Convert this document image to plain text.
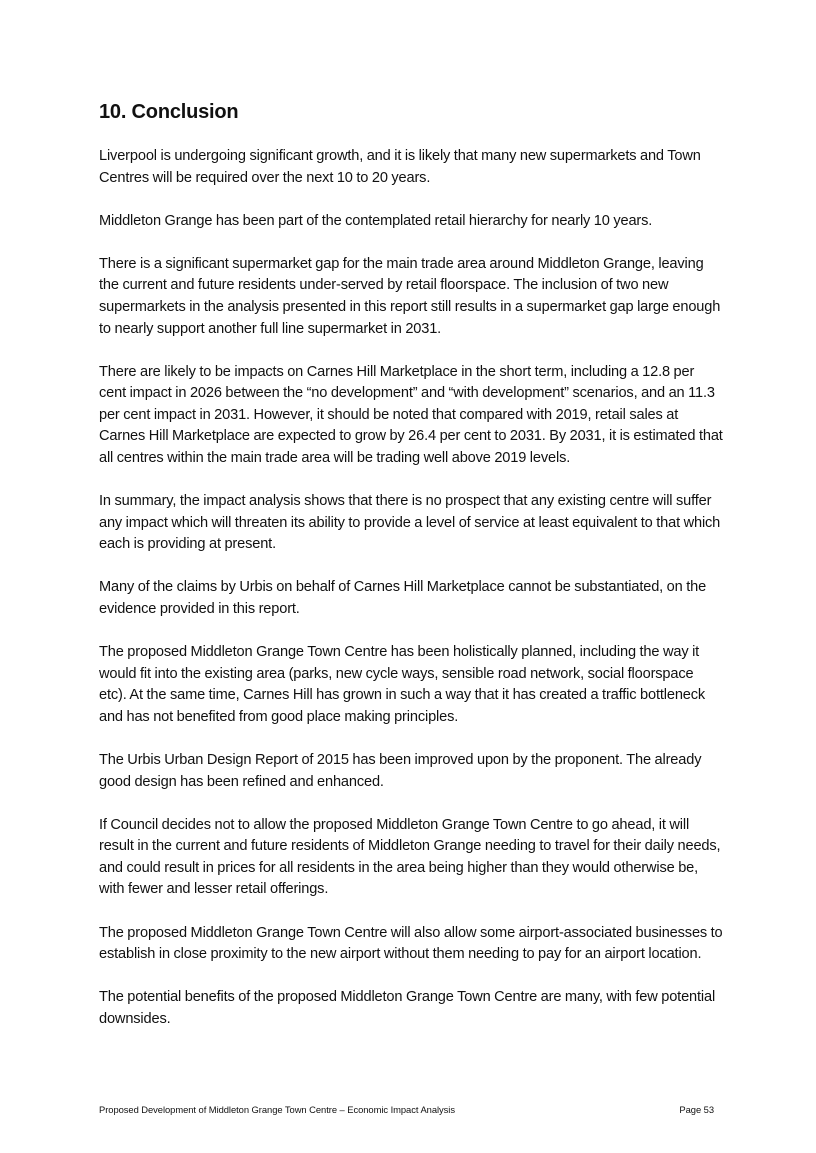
10. Conclusion

Liverpool is undergoing significant growth, and it is likely that many new supermarkets and Town Centres will be required over the next 10 to 20 years.

Middleton Grange has been part of the contemplated retail hierarchy for nearly 10 years.

There is a significant supermarket gap for the main trade area around Middleton Grange, leaving the current and future residents under-served by retail floorspace. The inclusion of two new supermarkets in the analysis presented in this report still results in a supermarket gap large enough to nearly support another full line supermarket in 2031.

There are likely to be impacts on Carnes Hill Marketplace in the short term, including a 12.8 per cent impact in 2026 between the “no development” and “with development” scenarios, and an 11.3 per cent impact in 2031. However, it should be noted that compared with 2019, retail sales at Carnes Hill Marketplace are expected to grow by 26.4 per cent to 2031. By 2031, it is estimated that all centres within the main trade area will be trading well above 2019 levels.

In summary, the impact analysis shows that there is no prospect that any existing centre will suffer any impact which will threaten its ability to provide a level of service at least equivalent to that which each is providing at present.

Many of the claims by Urbis on behalf of Carnes Hill Marketplace cannot be substantiated, on the evidence provided in this report.

The proposed Middleton Grange Town Centre has been holistically planned, including the way it would fit into the existing area (parks, new cycle ways, sensible road network, social floorspace etc). At the same time, Carnes Hill has grown in such a way that it has created a traffic bottleneck and has not benefited from good place making principles.

The Urbis Urban Design Report of 2015 has been improved upon by the proponent. The already good design has been refined and enhanced.

If Council decides not to allow the proposed Middleton Grange Town Centre to go ahead, it will result in the current and future residents of Middleton Grange needing to travel for their daily needs, and could result in prices for all residents in the area being higher than they would otherwise be, with fewer and lesser retail offerings.

The proposed Middleton Grange Town Centre will also allow some airport-associated businesses to establish in close proximity to the new airport without them needing to pay for an airport location.

The potential benefits of the proposed Middleton Grange Town Centre are many, with few potential downsides.

Proposed Development of Middleton Grange Town Centre – Economic Impact Analysis	Page 53
